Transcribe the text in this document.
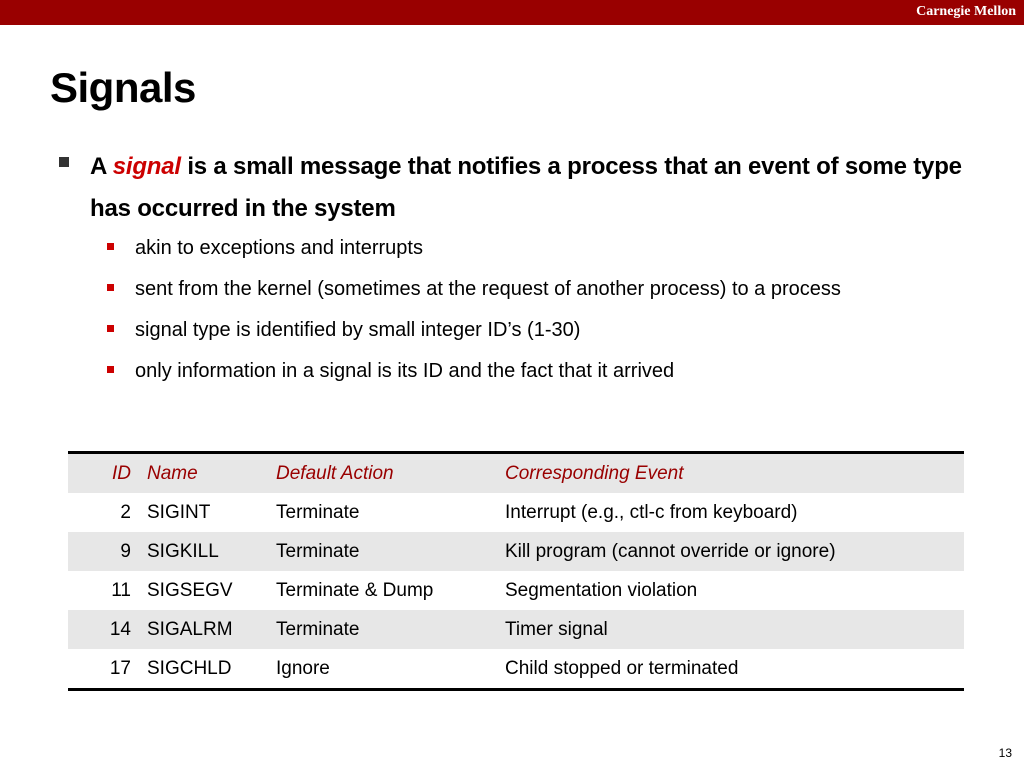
Carnegie Mellon
Signals
A signal is a small message that notifies a process that an event of some type has occurred in the system
akin to exceptions and interrupts
sent from the kernel (sometimes at the request of another process) to a process
signal type is identified by small integer ID’s (1-30)
only information in a signal is its ID and the fact that it arrived
ID	Name	Default Action	Corresponding Event
2	SIGINT	Terminate	Interrupt (e.g., ctl-c from keyboard)
9	SIGKILL	Terminate	Kill program (cannot override or ignore)
11	SIGSEGV	Terminate & Dump	Segmentation violation
14	SIGALRM	Terminate	Timer signal
17	SIGCHLD	Ignore	Child stopped or terminated
13
